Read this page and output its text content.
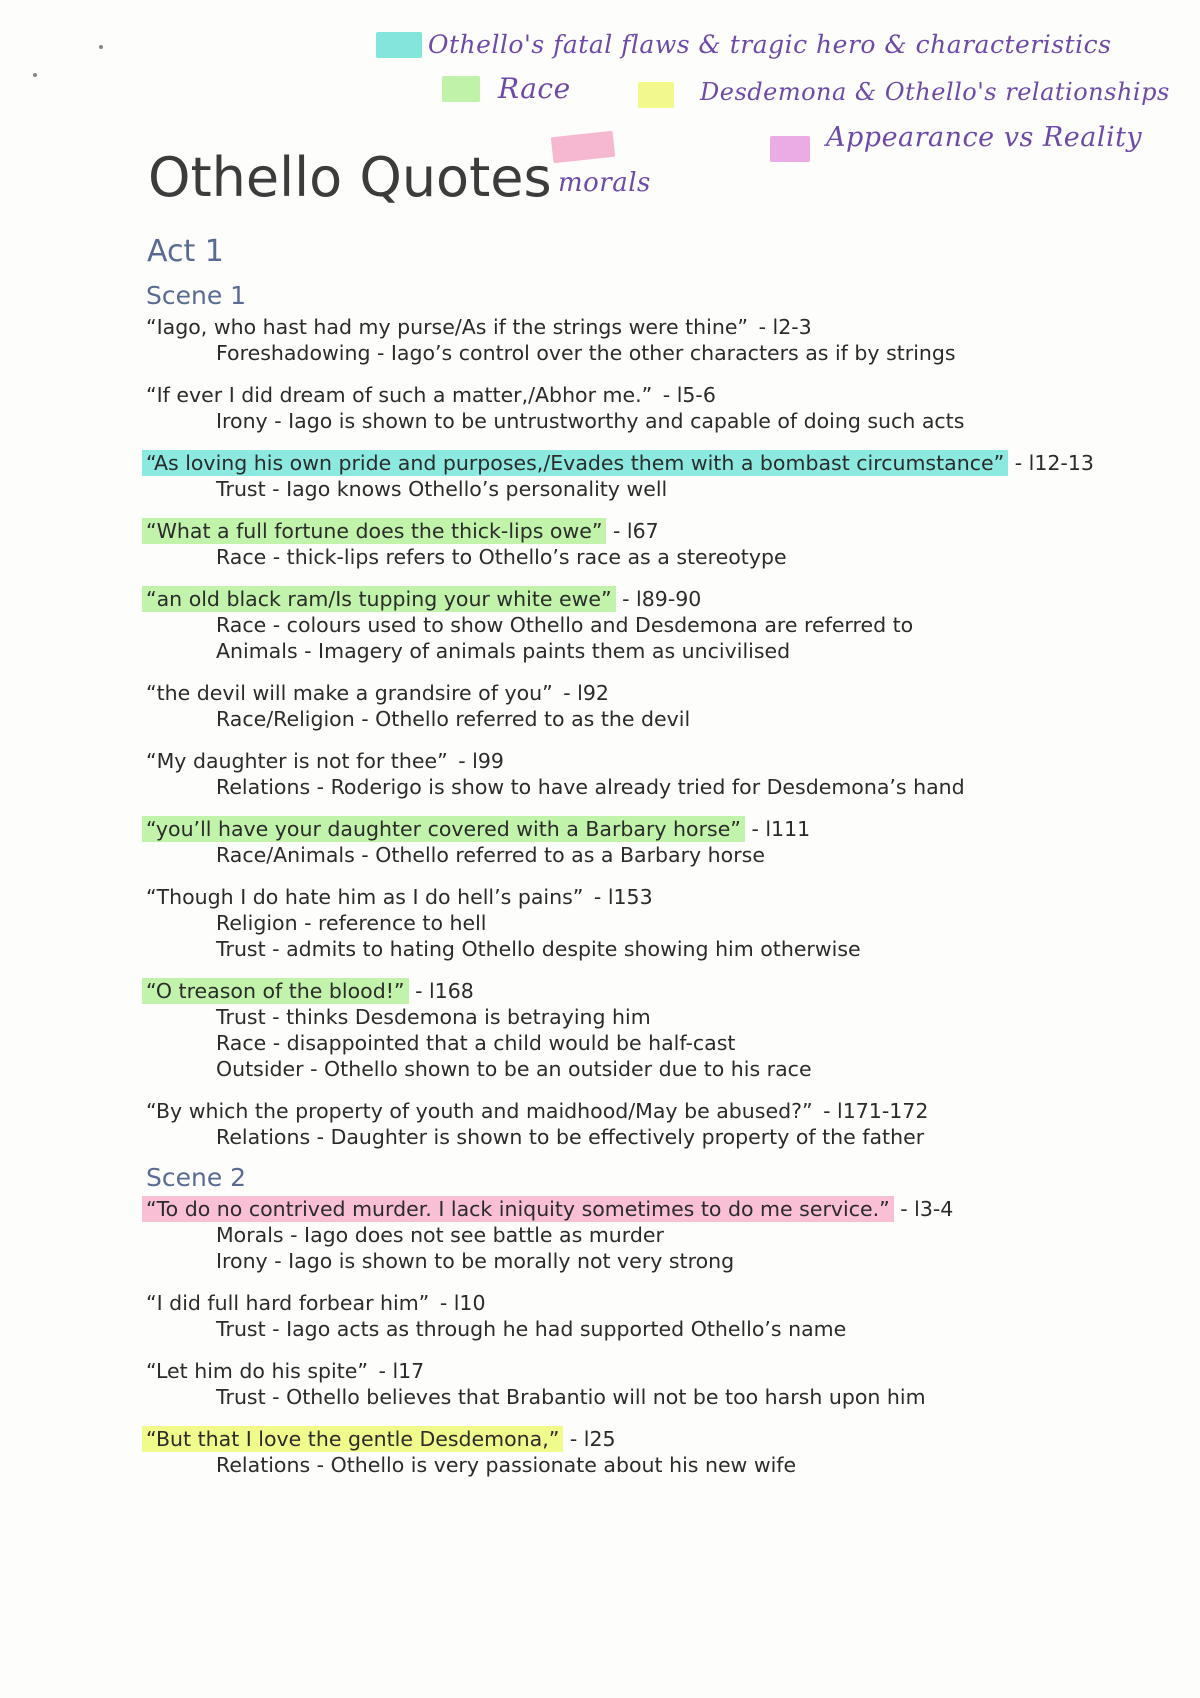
Othello's fatal flaws & tragic hero & characteristics
Race	Desdemona & Othello's relationships
morals
Appearance vs Reality
Othello Quotes
Act 1
Scene 1
“Iago, who hast had my purse/As if the strings were thine” - l2-3
Foreshadowing - Iago’s control over the other characters as if by strings
“If ever I did dream of such a matter,/Abhor me.” - l5-6
Irony - Iago is shown to be untrustworthy and capable of doing such acts
“As loving his own pride and purposes,/Evades them with a bombast circumstance” - l12-13
Trust - Iago knows Othello’s personality well
“What a full fortune does the thick-lips owe” - l67
Race - thick-lips refers to Othello’s race as a stereotype
“an old black ram/Is tupping your white ewe” - l89-90
Race - colours used to show Othello and Desdemona are referred to
Animals - Imagery of animals paints them as uncivilised
“the devil will make a grandsire of you” - l92
Race/Religion - Othello referred to as the devil
“My daughter is not for thee” - l99
Relations - Roderigo is show to have already tried for Desdemona’s hand
“you’ll have your daughter covered with a Barbary horse” - l111
Race/Animals - Othello referred to as a Barbary horse
“Though I do hate him as I do hell’s pains” - l153
Religion - reference to hell
Trust - admits to hating Othello despite showing him otherwise
“O treason of the blood!” - l168
Trust - thinks Desdemona is betraying him
Race - disappointed that a child would be half-cast
Outsider - Othello shown to be an outsider due to his race
“By which the property of youth and maidhood/May be abused?” - l171-172
Relations - Daughter is shown to be effectively property of the father
Scene 2
“To do no contrived murder. I lack iniquity sometimes to do me service.” - l3-4
Morals - Iago does not see battle as murder
Irony - Iago is shown to be morally not very strong
“I did full hard forbear him” - l10
Trust - Iago acts as through he had supported Othello’s name
“Let him do his spite” - l17
Trust - Othello believes that Brabantio will not be too harsh upon him
“But that I love the gentle Desdemona,” - l25
Relations - Othello is very passionate about his new wife
